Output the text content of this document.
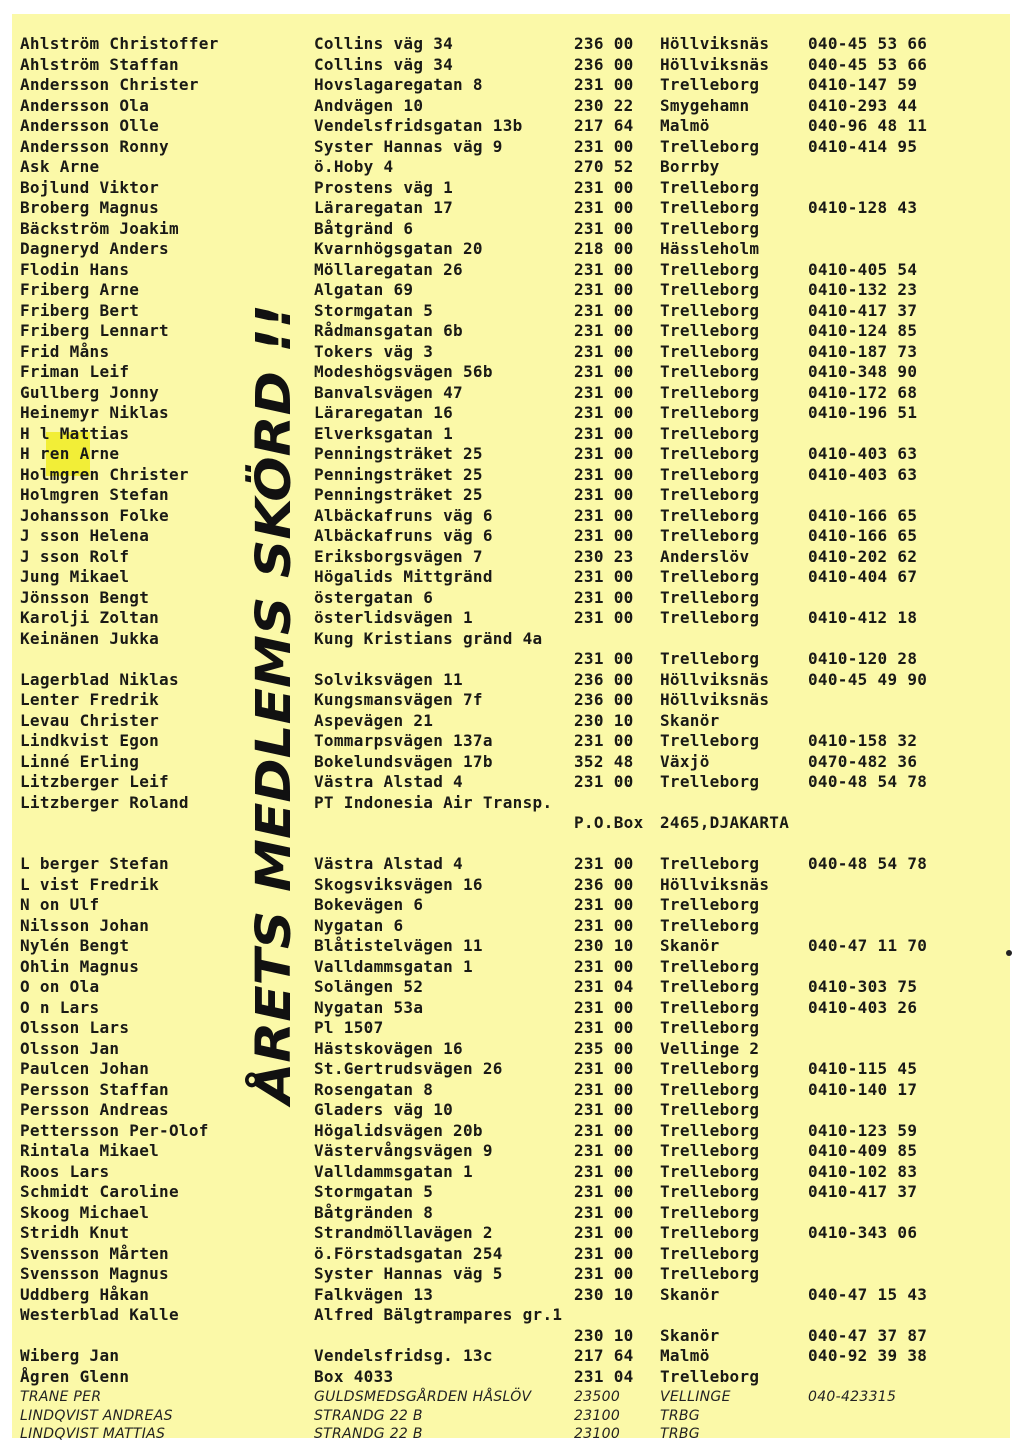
Ahlström Christoffer	Collins väg 34	236 00 Höllviksnäs 040-45 53 66
Ahlström Staffan	Collins väg 34	236 00 Höllviksnäs 040-45 53 66
Andersson Christer	Hovslagaregatan 8	231 00 Trelleborg	0410-147 59
Andersson Ola	Andvägen 10	230 22 Smygehamn	0410-293 44
Andersson Olle	Vendelsfridsgatan 13b	217 64 Malmö	040-96 48 11
Andersson Ronny	Syster Hannas väg 9	231 00 Trelleborg	0410-414 95
Ask Arne	ö.Hoby 4	270 52 Borrby
Bojlund Viktor	Prostens väg 1	231 00 Trelleborg
Broberg Magnus	Läraregatan 17	231 00 Trelleborg	0410-128 43
Bäckström Joakim	Båtgränd 6	231 00 Trelleborg
Dagneryd Anders	Kvarnhögsgatan 20	218 00 Hässleholm
Flodin Hans	Möllaregatan 26	231 00 Trelleborg	0410-405 54
Friberg Arne	Algatan 69	231 00 Trelleborg	0410-132 23
Friberg Bert	Stormgatan 5	231 00 Trelleborg	0410-417 37
Friberg Lennart	Rådmansgatan 6b	231 00 Trelleborg	0410-124 85
Frid Måns	Tokers väg 3	231 00 Trelleborg	0410-187 73
Friman Leif	Modeshögsvägen 56b	231 00 Trelleborg	0410-348 90
Gullberg Jonny	Banvalsvägen 47	231 00 Trelleborg	0410-172 68
Heinemyr Niklas	Läraregatan 16	231 00 Trelleborg	0410-196 51
H l Mattias	Elverksgatan 1	231 00 Trelleborg
H ren Arne	Penningsträket 25	231 00 Trelleborg	0410-403 63
Holmgren Christer	Penningsträket 25	231 00 Trelleborg	0410-403 63
Holmgren Stefan	Penningsträket 25	231 00 Trelleborg
Johansson Folke	Albäckafruns väg 6	231 00 Trelleborg	0410-166 65
J sson Helena	Albäckafruns väg 6	231 00 Trelleborg	0410-166 65
J sson Rolf	Eriksborgsvägen 7	230 23 Anderslöv	0410-202 62
Jung Mikael	Högalids Mittgränd	231 00 Trelleborg	0410-404 67
Jönsson Bengt	östergatan 6	231 00 Trelleborg
Karolji Zoltan	österlidsvägen 1	231 00 Trelleborg	0410-412 18
Keinänen Jukka	Kung Kristians gränd 4a
231 00 Trelleborg	0410-120 28
Lagerblad Niklas	Solviksvägen 11	236 00 Höllviksnäs 040-45 49 90
Lenter Fredrik	Kungsmansvägen 7f	236 00 Höllviksnäs
Levau Christer	Aspevägen 21	230 10 Skanör
Lindkvist Egon	Tommarpsvägen 137a	231 00 Trelleborg	0410-158 32
Linné Erling	Bokelundsvägen 17b	352 48 Växjö	0470-482 36
Litzberger Leif	Västra Alstad 4	231 00 Trelleborg	040-48 54 78
Litzberger Roland	PT Indonesia Air Transp.
P.O.Box 2465,DJAKARTA
L berger Stefan	Västra Alstad 4	231 00 Trelleborg	040-48 54 78
L vist Fredrik	Skogsviksvägen 16	236 00 Höllviksnäs
N on Ulf	Bokevägen 6	231 00 Trelleborg
Nilsson Johan	Nygatan 6	231 00 Trelleborg
Nylén Bengt	Blåtistelvägen 11	230 10 Skanör	040-47 11 70
Ohlin Magnus	Valldammsgatan 1	231 00 Trelleborg
O on Ola	Solängen 52	231 04 Trelleborg	0410-303 75
O n Lars	Nygatan 53a	231 00 Trelleborg	0410-403 26
Olsson Lars	Pl 1507	231 00 Trelleborg
Olsson Jan	Hästskovägen 16	235 00 Vellinge 2
Paulcen Johan	St.Gertrudsvägen 26	231 00 Trelleborg	0410-115 45
Persson Staffan	Rosengatan 8	231 00 Trelleborg	0410-140 17
Persson Andreas	Gladers väg 10	231 00 Trelleborg
Pettersson Per-Olof	Högalidsvägen 20b	231 00 Trelleborg	0410-123 59
Rintala Mikael	Västervångsvägen 9	231 00 Trelleborg	0410-409 85
Roos Lars	Valldammsgatan 1	231 00 Trelleborg	0410-102 83
Schmidt Caroline	Stormgatan 5	231 00 Trelleborg	0410-417 37
Skoog Michael	Båtgränden 8	231 00 Trelleborg
Stridh Knut	Strandmöllavägen 2	231 00 Trelleborg	0410-343 06
Svensson Mårten	ö.Förstadsgatan 254	231 00 Trelleborg
Svensson Magnus	Syster Hannas väg 5	231 00 Trelleborg
Uddberg Håkan	Falkvägen 13	230 10 Skanör	040-47 15 43
Westerblad Kalle	Alfred Bälgtrampares gr.1
230 10 Skanör	040-47 37 87
Wiberg Jan	Vendelsfridsg. 13c	217 64 Malmö	040-92 39 38
Ågren Glenn	Box 4033	231 04 Trelleborg
TRANE PER	GULDSMEDSGÅRDEN HÅSLÖV	23500	VELLINGE	040-423315
LINDQVIST ANDREAS	STRANDG 22 B	23100	TRBG
LINDQVIST MATTIAS	STRANDG 22 B	23100	TRBG
ÅRETS MEDLEMS SKÖRD !!
